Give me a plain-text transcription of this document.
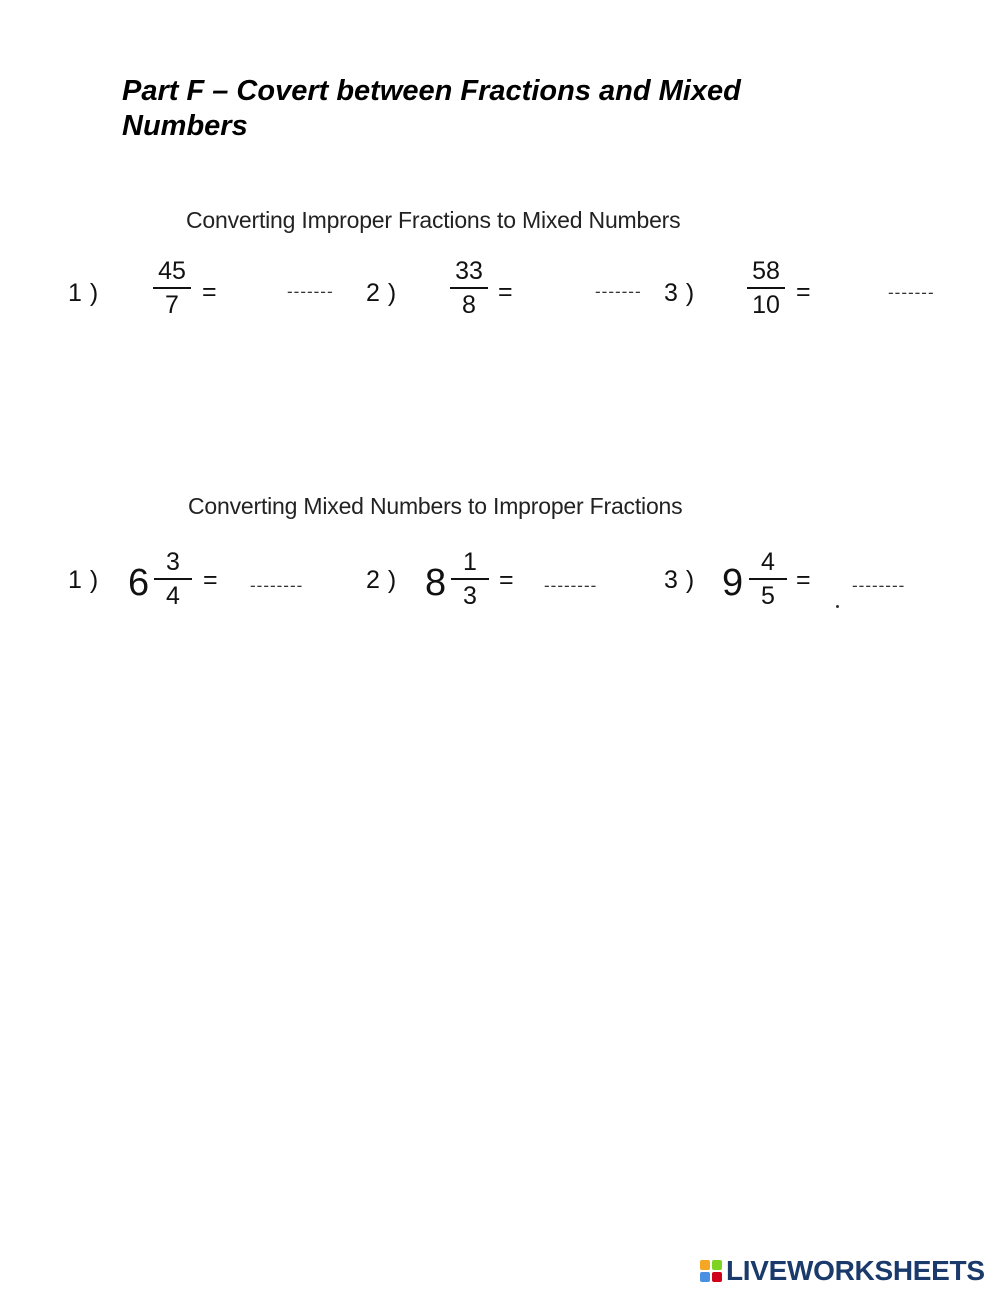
Part F – Covert between Fractions and Mixed Numbers
Converting Improper Fractions to Mixed Numbers
1 )
45
7 =	-------	2 )
33
8 =	------- 3 )
58
10 =	-------
Converting Mixed Numbers to Improper Fractions
1 ) 6 3
4
= --------	2 ) 8 1
3
= --------	3 ) 9 4
5
= --------
LIVEWORKSHEETS
